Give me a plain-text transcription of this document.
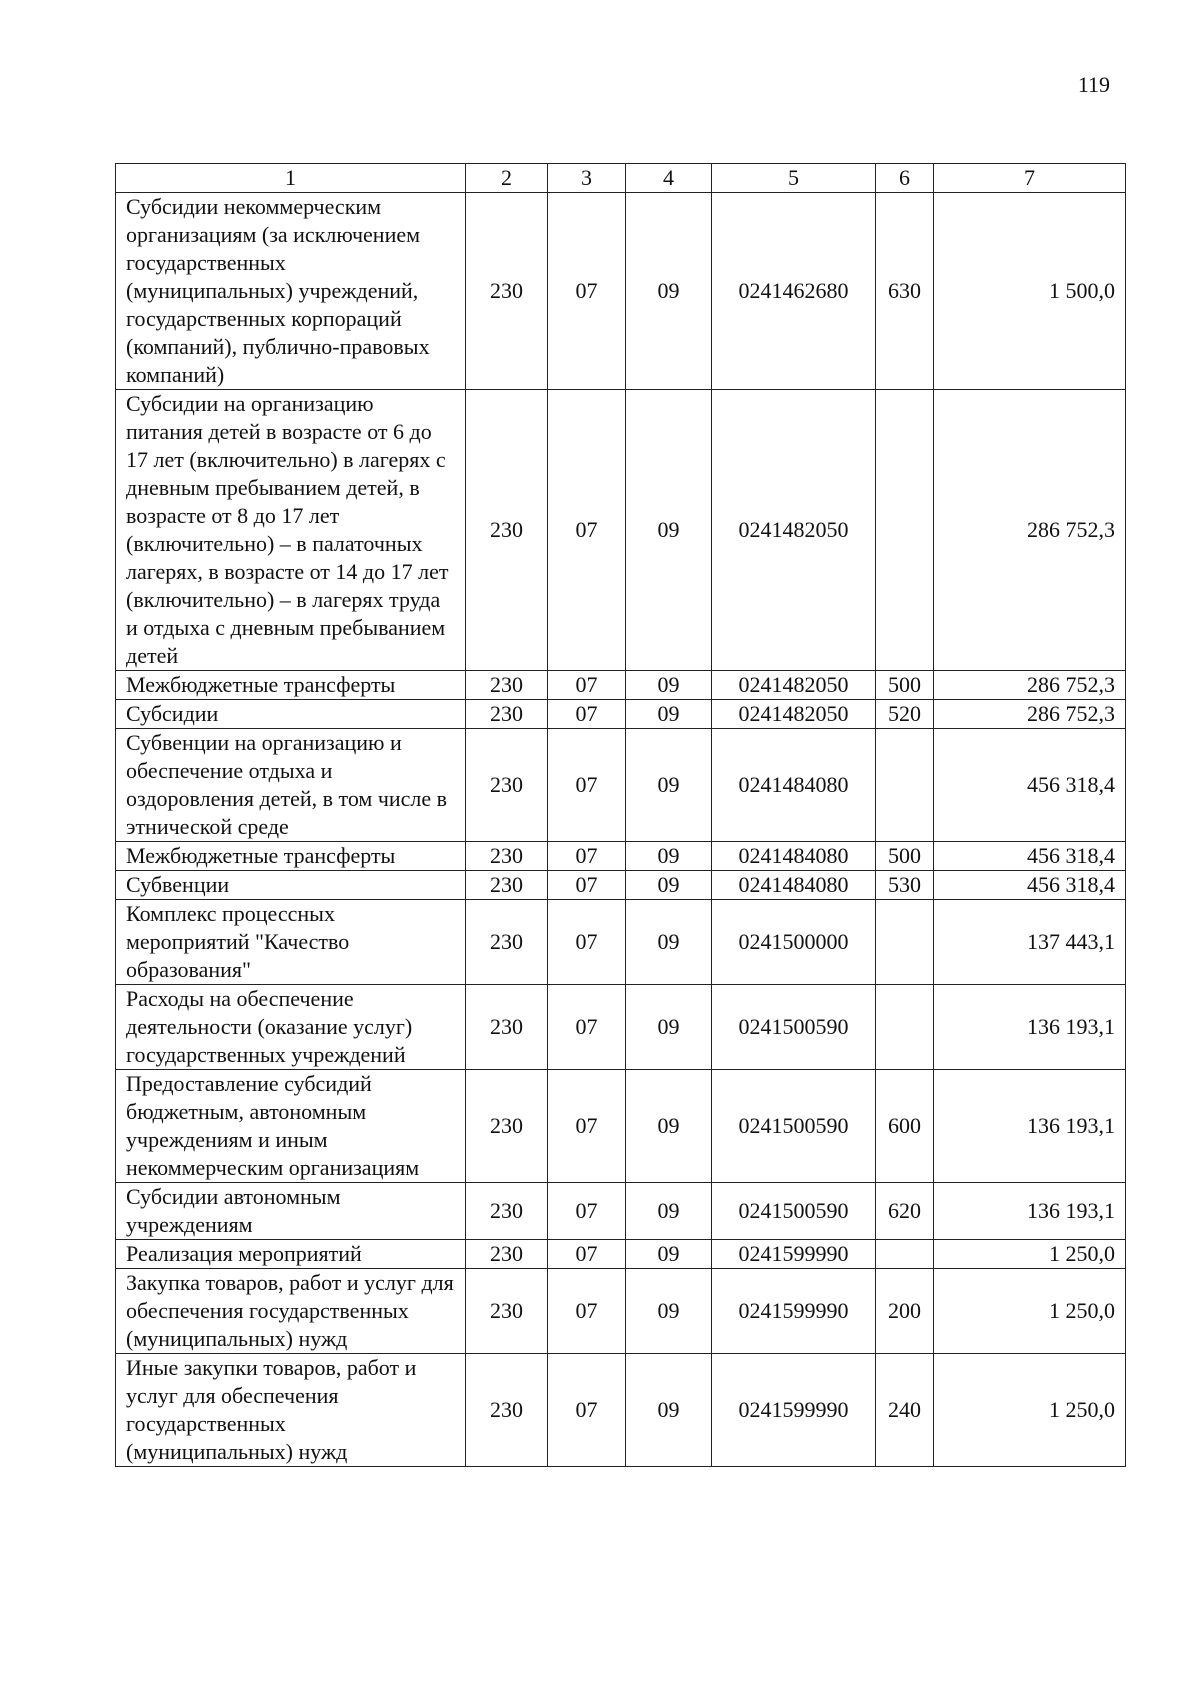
119
1	2	3	4	5	6	7
Субсидии некоммерческим организациям (за исключением государственных (муниципальных) учреждений, государственных корпораций (компаний), публично-правовых компаний)	230	07	09	0241462680	630	1 500,0
Субсидии на организацию питания детей в возрасте от 6 до 17 лет (включительно) в лагерях с дневным пребыванием детей, в возрасте от 8 до 17 лет (включительно) – в палаточных лагерях, в возрасте от 14 до 17 лет (включительно) – в лагерях труда и отдыха с дневным пребыванием детей	230	07	09	0241482050		286 752,3
Межбюджетные трансферты	230	07	09	0241482050	500	286 752,3
Субсидии	230	07	09	0241482050	520	286 752,3
Субвенции на организацию и обеспечение отдыха и оздоровления детей, в том числе в этнической среде	230	07	09	0241484080		456 318,4
Межбюджетные трансферты	230	07	09	0241484080	500	456 318,4
Субвенции	230	07	09	0241484080	530	456 318,4
Комплекс процессных мероприятий "Качество образования"	230	07	09	0241500000		137 443,1
Расходы на обеспечение деятельности (оказание услуг) государственных учреждений	230	07	09	0241500590		136 193,1
Предоставление субсидий бюджетным, автономным учреждениям и иным некоммерческим организациям	230	07	09	0241500590	600	136 193,1
Субсидии автономным учреждениям	230	07	09	0241500590	620	136 193,1
Реализация мероприятий	230	07	09	0241599990		1 250,0
Закупка товаров, работ и услуг для обеспечения государственных (муниципальных) нужд	230	07	09	0241599990	200	1 250,0
Иные закупки товаров, работ и услуг для обеспечения государственных (муниципальных) нужд	230	07	09	0241599990	240	1 250,0
